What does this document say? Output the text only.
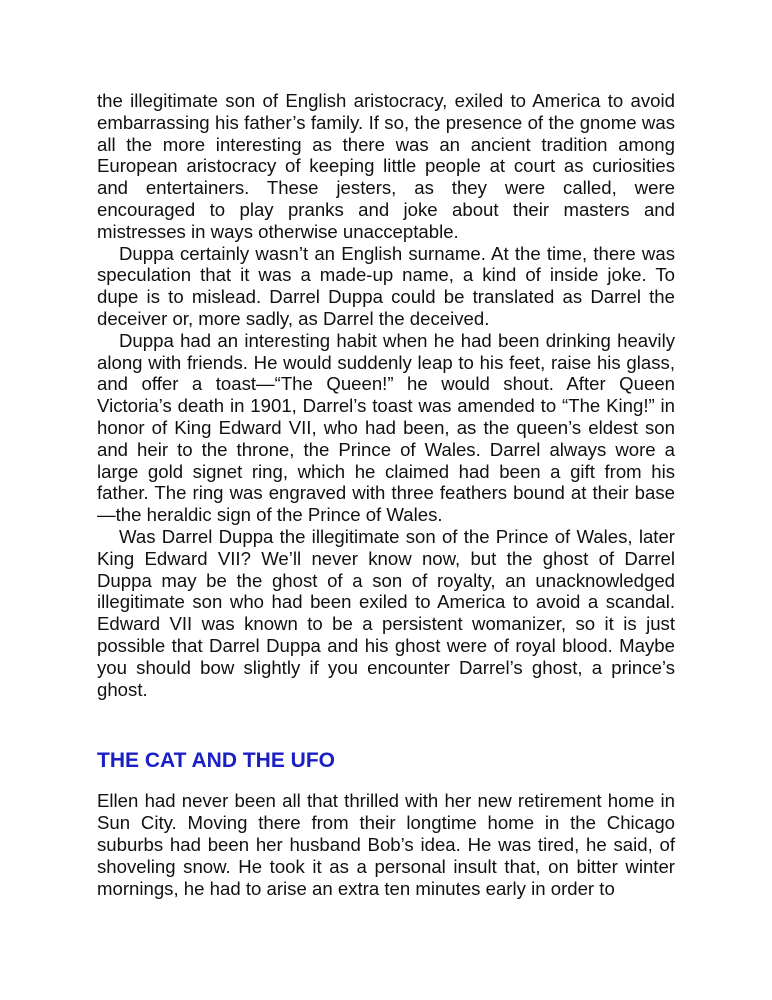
the illegitimate son of English aristocracy, exiled to America to avoid embarrassing his father’s family. If so, the presence of the gnome was all the more interesting as there was an ancient tradition among European aristocracy of keeping little people at court as curiosities and entertainers. These jesters, as they were called, were encouraged to play pranks and joke about their masters and mistresses in ways otherwise unacceptable.

Duppa certainly wasn’t an English surname. At the time, there was speculation that it was a made-up name, a kind of inside joke. To dupe is to mislead. Darrel Duppa could be translated as Darrel the deceiver or, more sadly, as Darrel the deceived.

Duppa had an interesting habit when he had been drinking heavily along with friends. He would suddenly leap to his feet, raise his glass, and offer a toast—“The Queen!” he would shout. After Queen Victoria’s death in 1901, Darrel’s toast was amended to “The King!” in honor of King Edward VII, who had been, as the queen’s eldest son and heir to the throne, the Prince of Wales. Darrel always wore a large gold signet ring, which he claimed had been a gift from his father. The ring was engraved with three feathers bound at their base—the heraldic sign of the Prince of Wales.

Was Darrel Duppa the illegitimate son of the Prince of Wales, later King Edward VII? We’ll never know now, but the ghost of Darrel Duppa may be the ghost of a son of royalty, an unacknowledged illegitimate son who had been exiled to America to avoid a scandal. Edward VII was known to be a persistent womanizer, so it is just possible that Darrel Duppa and his ghost were of royal blood. Maybe you should bow slightly if you encounter Darrel’s ghost, a prince’s ghost.

THE CAT AND THE UFO

Ellen had never been all that thrilled with her new retirement home in Sun City. Moving there from their longtime home in the Chicago suburbs had been her husband Bob’s idea. He was tired, he said, of shoveling snow. He took it as a personal insult that, on bitter winter mornings, he had to arise an extra ten minutes early in order to
